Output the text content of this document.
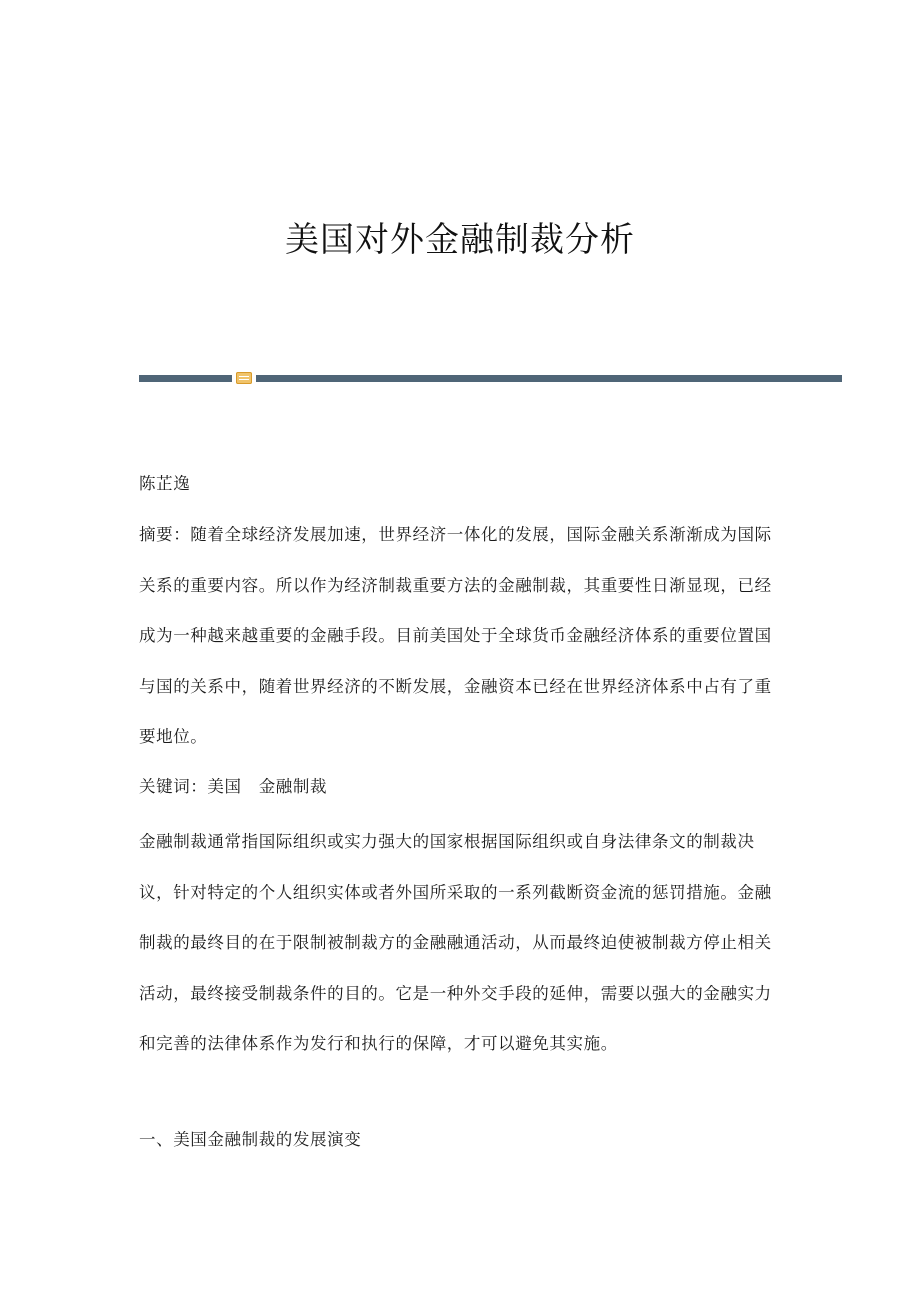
美国对外金融制裁分析

陈芷逸

摘要：随着全球经济发展加速，世界经济一体化的发展，国际金融关系渐渐成为国际关系的重要内容。所以作为经济制裁重要方法的金融制裁，其重要性日渐显现，已经成为一种越来越重要的金融手段。目前美国处于全球货币金融经济体系的重要位置国与国的关系中，随着世界经济的不断发展，金融资本已经在世界经济体系中占有了重要地位。

关键词：美国　金融制裁

金融制裁通常指国际组织或实力强大的国家根据国际组织或自身法律条文的制裁决议，针对特定的个人组织实体或者外国所采取的一系列截断资金流的惩罚措施。金融制裁的最终目的在于限制被制裁方的金融融通活动，从而最终迫使被制裁方停止相关活动，最终接受制裁条件的目的。它是一种外交手段的延伸，需要以强大的金融实力和完善的法律体系作为发行和执行的保障，才可以避免其实施。

一、美国金融制裁的发展演变
